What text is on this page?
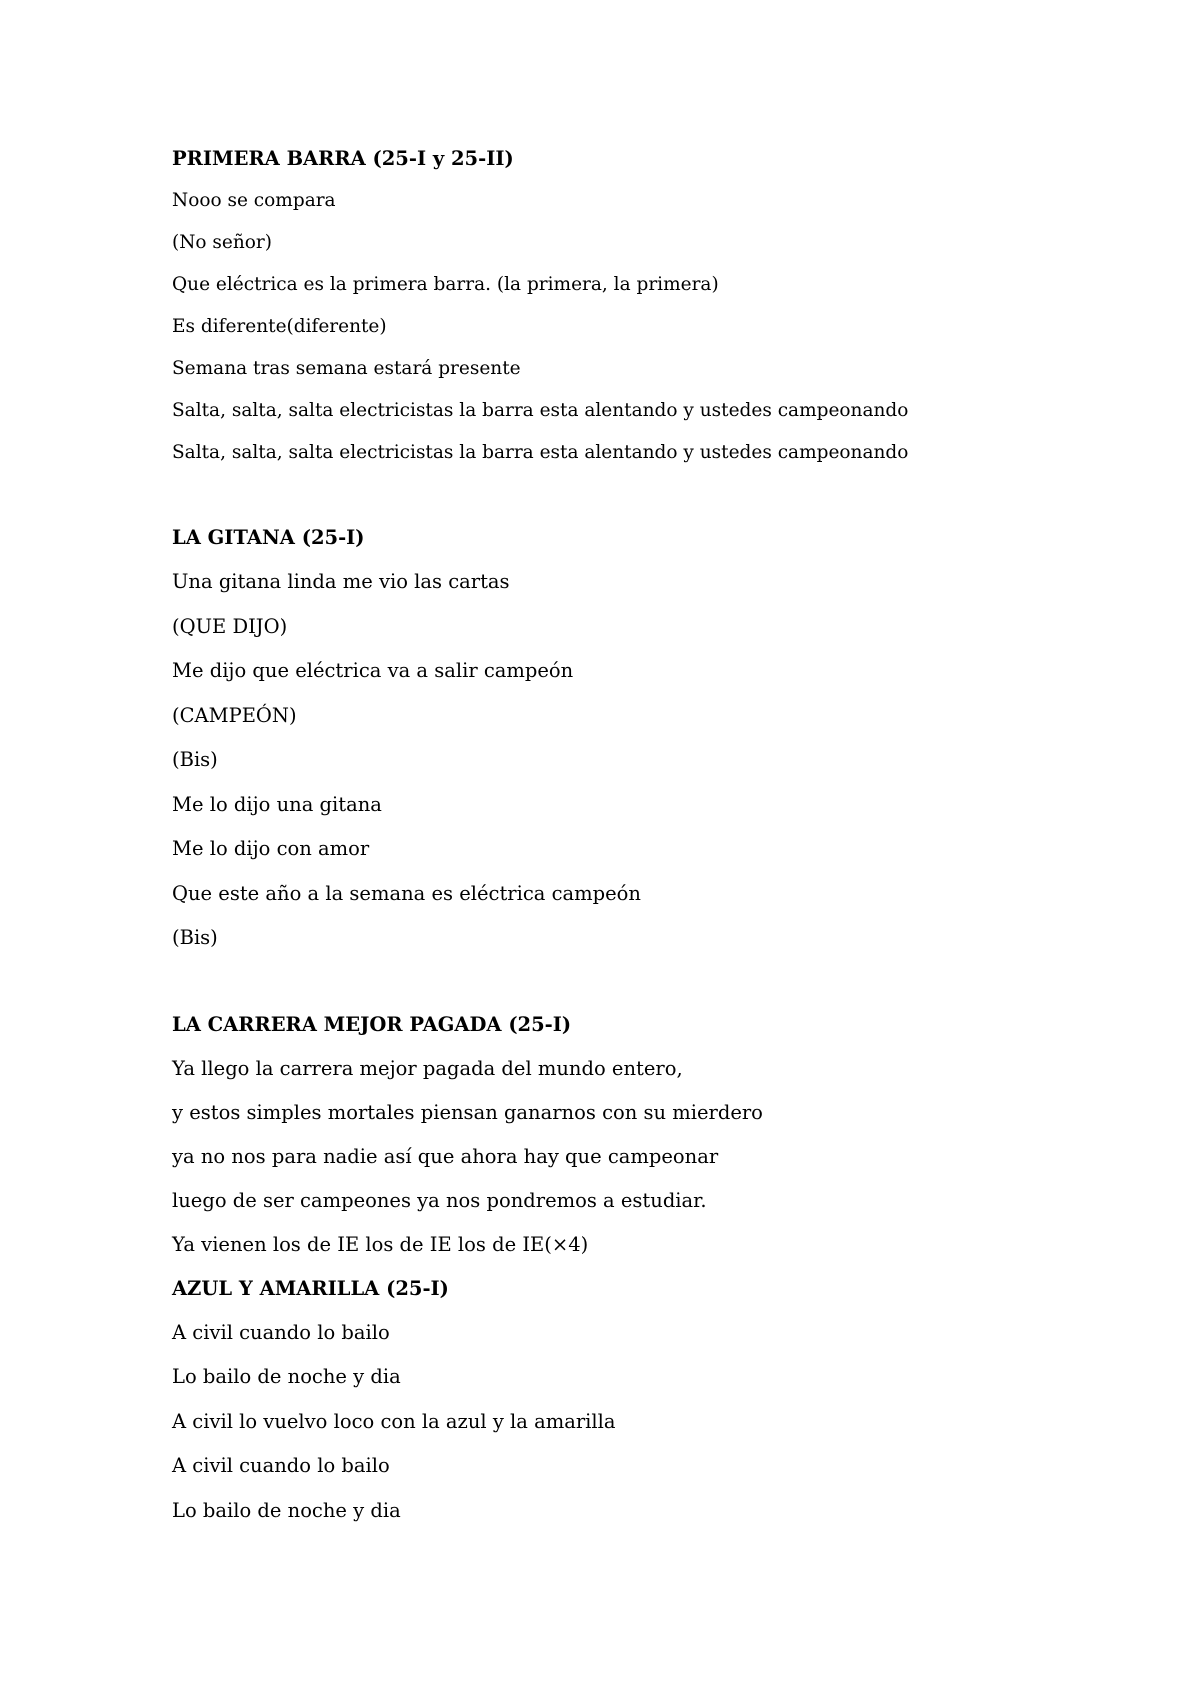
PRIMERA BARRA (25-I y 25-II)
Nooo se compara
(No señor)
Que eléctrica es la primera barra. (la primera, la primera)
Es diferente(diferente)
Semana tras semana estará presente
Salta, salta, salta electricistas la barra esta alentando y ustedes campeonando
Salta, salta, salta electricistas la barra esta alentando y ustedes campeonando
LA GITANA (25-I)
Una gitana linda me vio las cartas
(QUE DIJO)
Me dijo que eléctrica va a salir campeón
(CAMPEÓN)
(Bis)
Me lo dijo una gitana
Me lo dijo con amor
Que este año a la semana es eléctrica campeón
(Bis)
LA CARRERA MEJOR PAGADA (25-I)
Ya llego la carrera mejor pagada del mundo entero,
y estos simples mortales piensan ganarnos con su mierdero
ya no nos para nadie así que ahora hay que campeonar
luego de ser campeones ya nos pondremos a estudiar.
Ya vienen los de IE los de IE los de IE(×4)
AZUL Y AMARILLA (25-I)
A civil cuando lo bailo
Lo bailo de noche y dia
A civil lo vuelvo loco con la azul y la amarilla
A civil cuando lo bailo
Lo bailo de noche y dia
